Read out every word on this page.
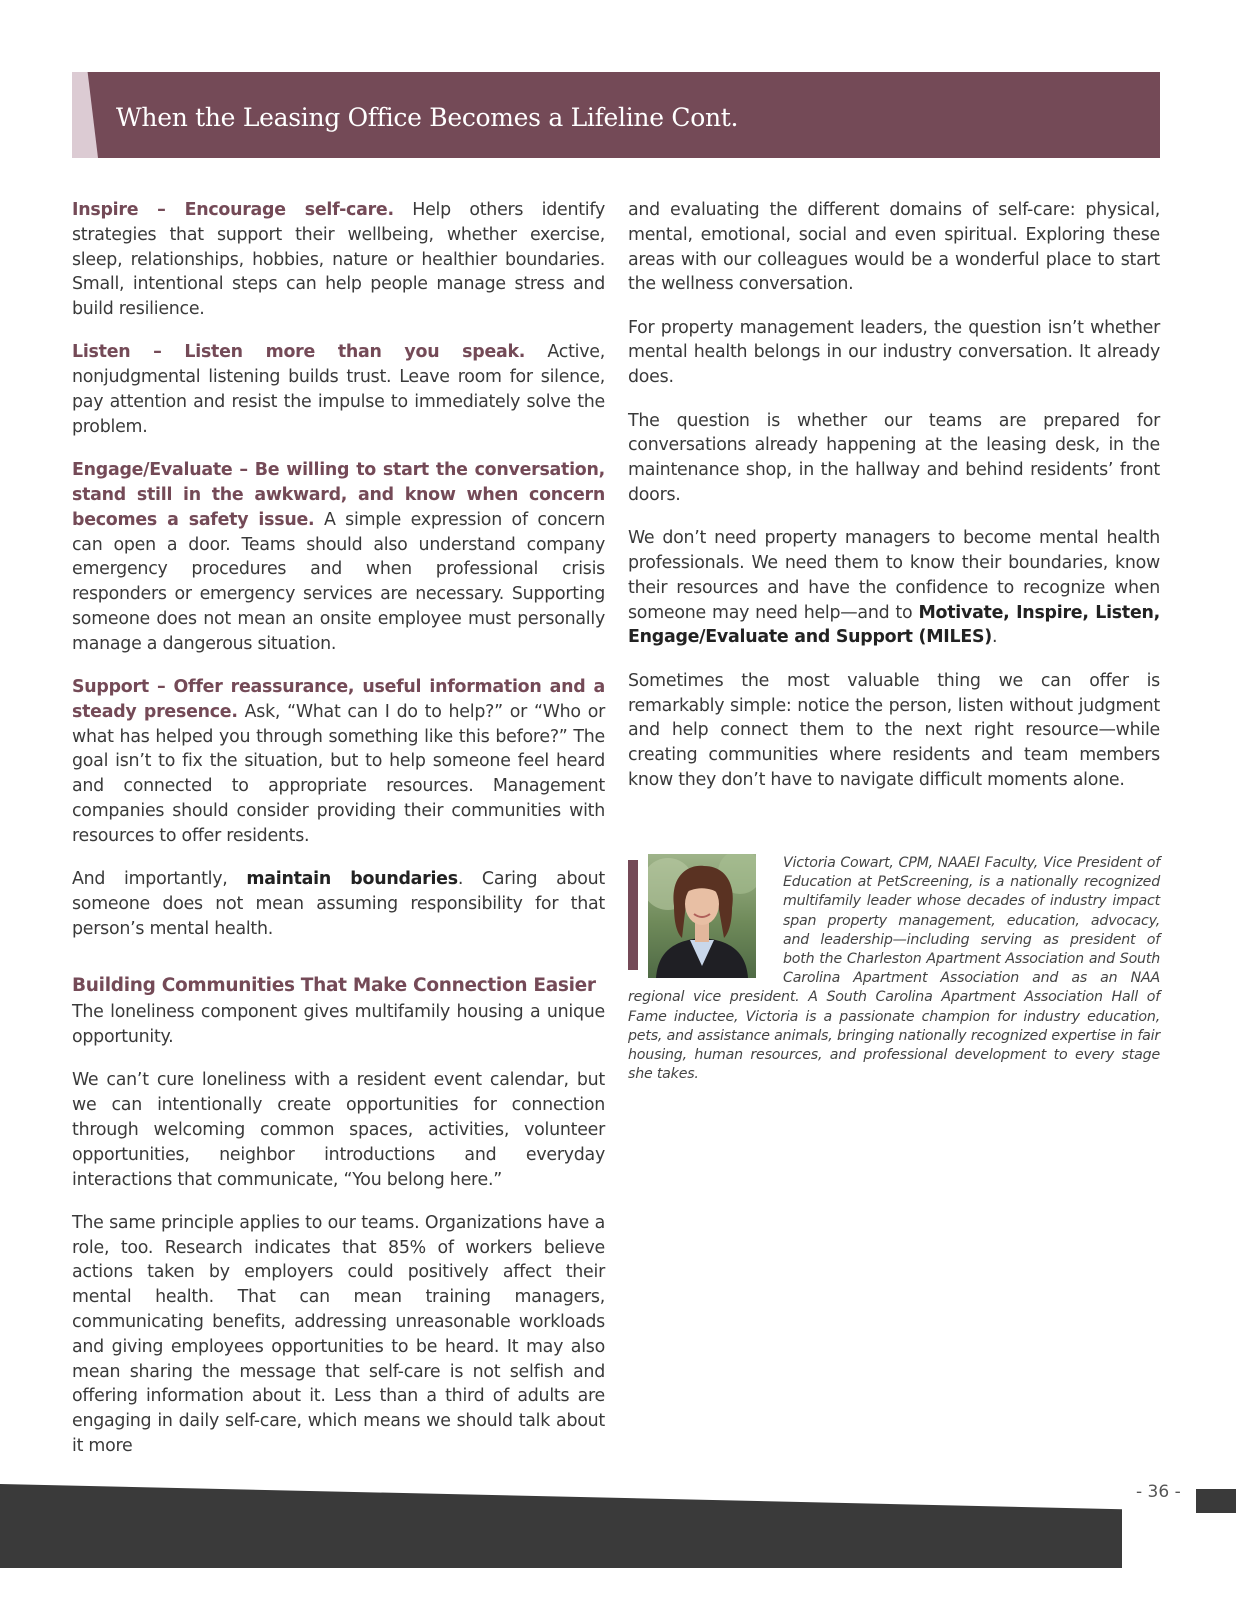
When the Leasing Office Becomes a Lifeline Cont.

Inspire – Encourage self-care. Help others identify strategies that support their wellbeing, whether exercise, sleep, relationships, hobbies, nature or healthier boundaries. Small, intentional steps can help people manage stress and build resilience.

Listen – Listen more than you speak. Active, nonjudgmental listening builds trust. Leave room for silence, pay attention and resist the impulse to immediately solve the problem.

Engage/Evaluate – Be willing to start the conversation, stand still in the awkward, and know when concern becomes a safety issue. A simple expression of concern can open a door. Teams should also understand company emergency procedures and when professional crisis responders or emergency services are necessary. Supporting someone does not mean an onsite employee must personally manage a dangerous situation.

Support – Offer reassurance, useful information and a steady presence. Ask, “What can I do to help?” or “Who or what has helped you through something like this before?” The goal isn’t to fix the situation, but to help someone feel heard and connected to appropriate resources. Management companies should consider providing their communities with resources to offer residents.

And importantly, maintain boundaries. Caring about someone does not mean assuming responsibility for that person’s mental health.

Building Communities That Make Connection Easier

The loneliness component gives multifamily housing a unique opportunity.

We can’t cure loneliness with a resident event calendar, but we can intentionally create opportunities for connection through welcoming common spaces, activities, volunteer opportunities, neighbor introductions and everyday interactions that communicate, “You belong here.”

The same principle applies to our teams. Organizations have a role, too. Research indicates that 85% of workers believe actions taken by employers could positively affect their mental health. That can mean training managers, communicating benefits, addressing unreasonable workloads and giving employees opportunities to be heard. It may also mean sharing the message that self-care is not selfish and offering information about it. Less than a third of adults are engaging in daily self-care, which means we should talk about it more

and evaluating the different domains of self-care: physical, mental, emotional, social and even spiritual. Exploring these areas with our colleagues would be a wonderful place to start the wellness conversation.

For property management leaders, the question isn’t whether mental health belongs in our industry conversation. It already does.

The question is whether our teams are prepared for conversations already happening at the leasing desk, in the maintenance shop, in the hallway and behind residents’ front doors.

We don’t need property managers to become mental health professionals. We need them to know their boundaries, know their resources and have the confidence to recognize when someone may need help—and to Motivate, Inspire, Listen, Engage/Evaluate and Support (MILES).

Sometimes the most valuable thing we can offer is remarkably simple: notice the person, listen without judgment and help connect them to the next right resource—while creating communities where residents and team members know they don’t have to navigate difficult moments alone.

Victoria Cowart, CPM, NAAEI Faculty, Vice President of Education at PetScreening, is a nationally recognized multifamily leader whose decades of industry impact span property management, education, advocacy, and leadership—including serving as president of both the Charleston Apartment Association and South Carolina Apartment Association and as an NAA regional vice president. A South Carolina Apartment Association Hall of Fame inductee, Victoria is a passionate champion for industry education, pets, and assistance animals, bringing nationally recognized expertise in fair housing, human resources, and professional development to every stage she takes.
- 36 -
